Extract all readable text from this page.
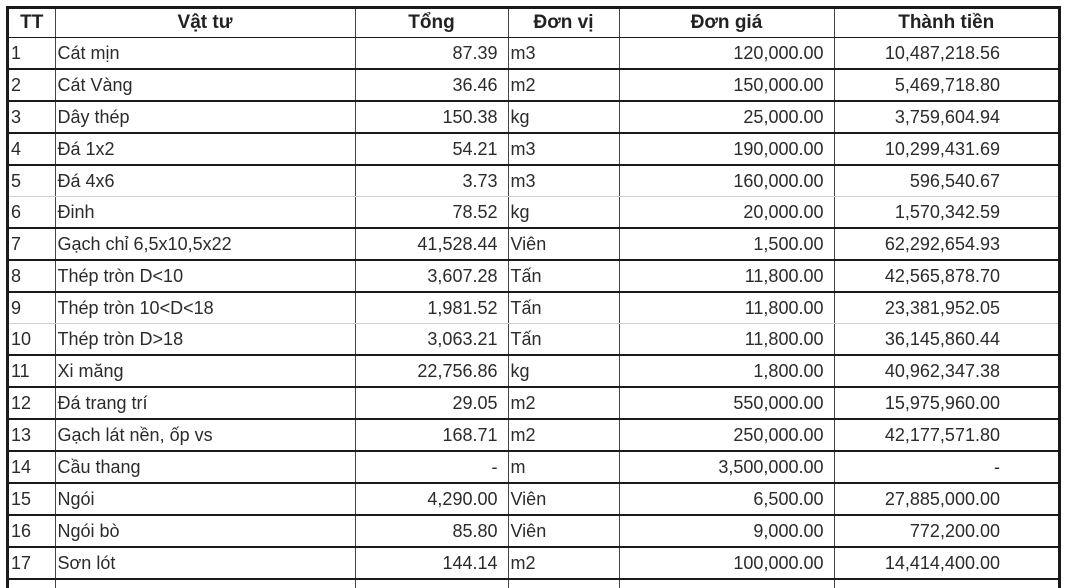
TT	Vật tư	Tổng	Đơn vị	Đơn giá	Thành tiền
1	Cát mịn	87.39	m3	120,000.00	10,487,218.56
2	Cát Vàng	36.46	m2	150,000.00	5,469,718.80
3	Dây thép	150.38	kg	25,000.00	3,759,604.94
4	Đá 1x2	54.21	m3	190,000.00	10,299,431.69
5	Đá 4x6	3.73	m3	160,000.00	596,540.67
6	Đinh	78.52	kg	20,000.00	1,570,342.59
7	Gạch chỉ 6,5x10,5x22	41,528.44	Viên	1,500.00	62,292,654.93
8	Thép tròn D<10	3,607.28	Tấn	11,800.00	42,565,878.70
9	Thép tròn 10<D<18	1,981.52	Tấn	11,800.00	23,381,952.05
10	Thép tròn D>18	3,063.21	Tấn	11,800.00	36,145,860.44
11	Xi măng	22,756.86	kg	1,800.00	40,962,347.38
12	Đá trang trí	29.05	m2	550,000.00	15,975,960.00
13	Gạch lát nền, ốp vs	168.71	m2	250,000.00	42,177,571.80
14	Cầu thang	-	m	3,500,000.00	-
15	Ngói	4,290.00	Viên	6,500.00	27,885,000.00
16	Ngói bò	85.80	Viên	9,000.00	772,200.00
17	Sơn lót	144.14	m2	100,000.00	14,414,400.00
